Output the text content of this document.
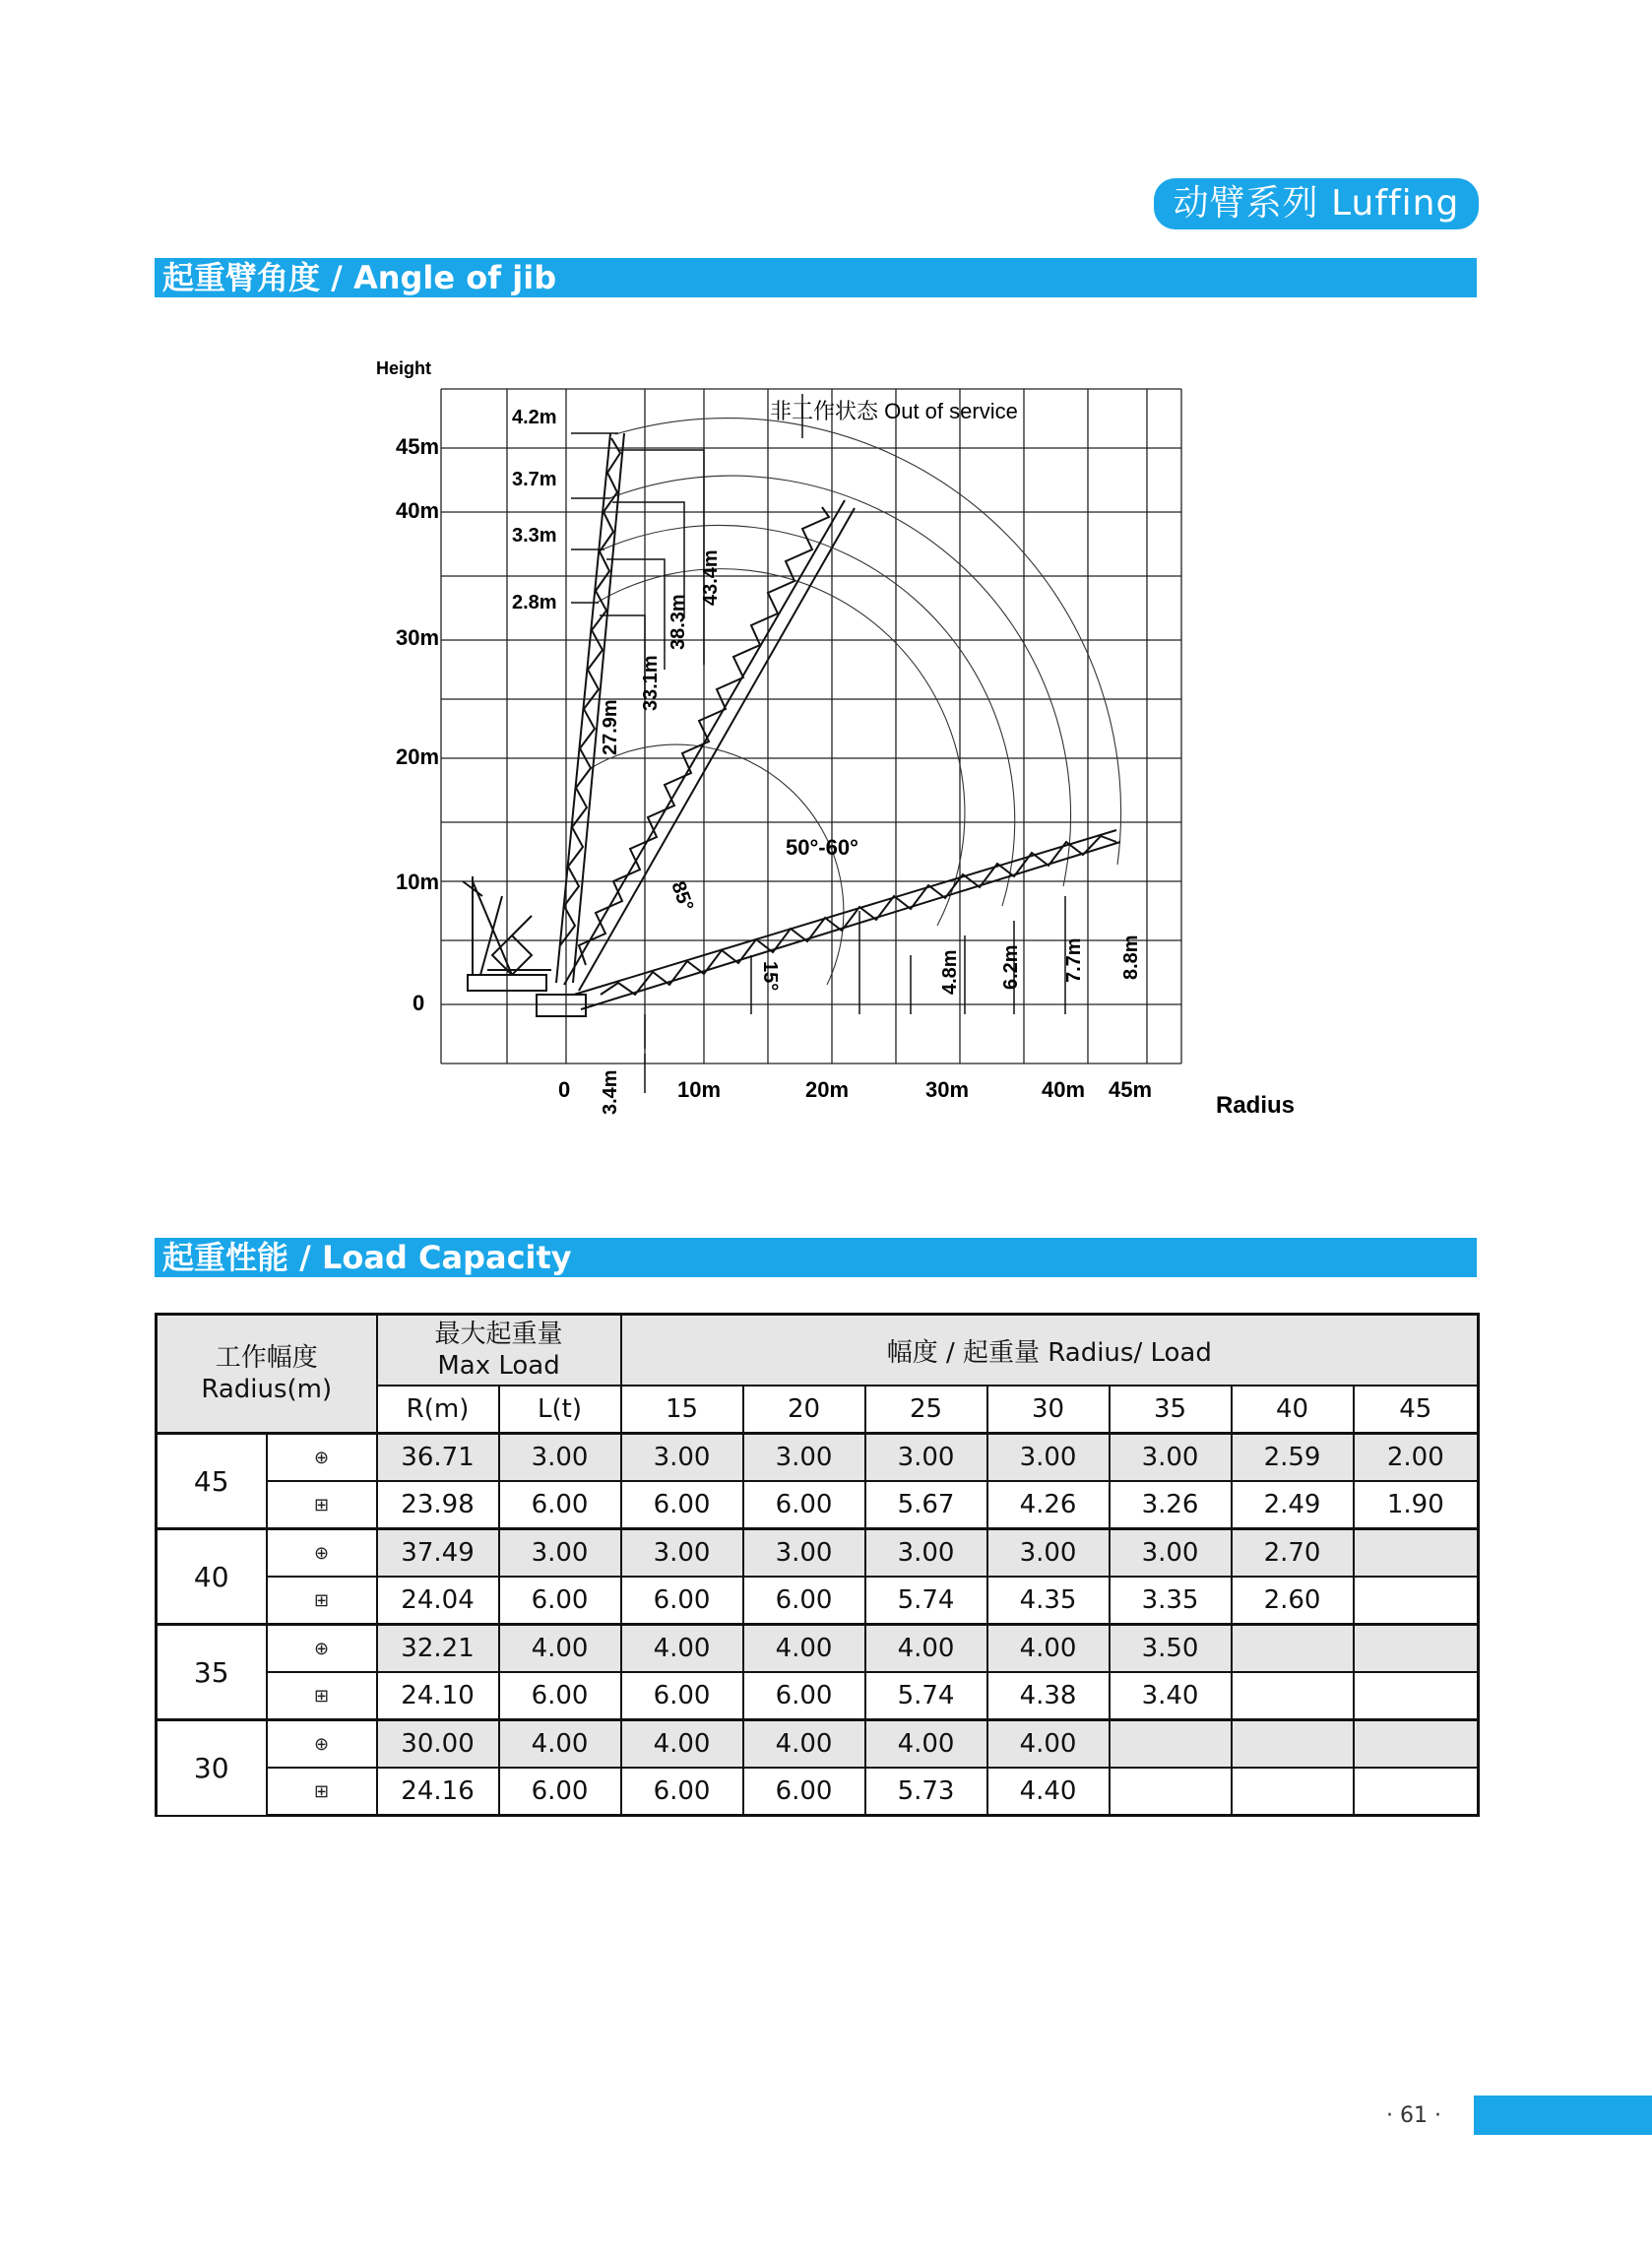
动臂系列 Luffing
起重臂角度 / Angle of jib
Height
Radius
45m
40m
30m
20m
10m
0
0	10m	20m	30m	40m 45m
非工作状态 Out of service
4.2m
3.7m
3.3m
2.8m	43.4m
38.3m
33.1m
27.9m
4.8m 6.2m 7.7m 8.8m
3.4m
85°
50°-60°
15°
起重性能 / Load Capacity
工作幅度
Radius(m)		最大起重量
Max Load		幅度 / 起重量 Radius/ Load						
		R(m)	L(t)	15	20	25	30	35	40	45
45	⊕	36.71	3.00	3.00	3.00	3.00	3.00	3.00	2.59	2.00
	⊞	23.98	6.00	6.00	6.00	5.67	4.26	3.26	2.49	1.90
40	⊕	37.49	3.00	3.00	3.00	3.00	3.00	3.00	2.70	
	⊞	24.04	6.00	6.00	6.00	5.74	4.35	3.35	2.60	
35	⊕	32.21	4.00	4.00	4.00	4.00	4.00	3.50		
	⊞	24.10	6.00	6.00	6.00	5.74	4.38	3.40		
30	⊕	30.00	4.00	4.00	4.00	4.00	4.00			
	⊞	24.16	6.00	6.00	6.00	5.73	4.40			
· 61 ·
